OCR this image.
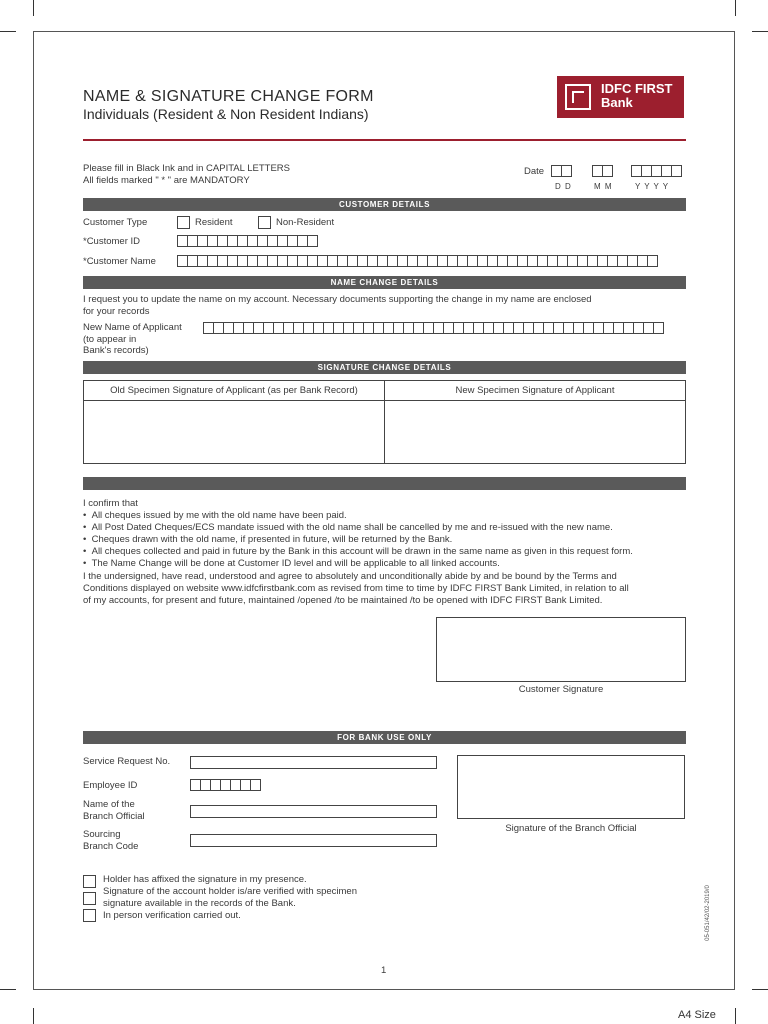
NAME & SIGNATURE CHANGE FORM
Individuals (Resident & Non Resident Indians)
IDFC FIRST
Bank
Please fill in Black Ink and in CAPITAL LETTERS
All fields marked " * " are MANDATORY
Date
D D	M M	Y Y Y Y
CUSTOMER DETAILS
Customer Type	Resident	Non-Resident
*Customer ID
*Customer Name
NAME CHANGE DETAILS
I request you to update the name on my account. Necessary documents supporting the change in my name are enclosed
for your records
New Name of Applicant
(to appear in
Bank's records)
SIGNATURE CHANGE DETAILS
Old Specimen Signature of Applicant (as per Bank Record)	New Specimen Signature of Applicant
I confirm that
•  All cheques issued by me with the old name have been paid.
•  All Post Dated Cheques/ECS mandate issued with the old name shall be cancelled by me and re-issued with the new name.
•  Cheques drawn with the old name, if presented in future, will be returned by the Bank.
•  All cheques collected and paid in future by the Bank in this account will be drawn in the same name as given in this request form.
•  The Name Change will be done at Customer ID level and will be applicable to all linked accounts.
I the undersigned, have read, understood and agree to absolutely and unconditionally abide by and be bound by the Terms and
Conditions displayed on website www.idfcfirstbank.com as revised from time to time by IDFC FIRST Bank Limited, in relation to all
of my accounts, for present and future, maintained /opened /to be maintained /to be opened with IDFC FIRST Bank Limited.
Customer Signature
FOR BANK USE ONLY
Service Request No.
Employee ID
Name of the
Branch Official
Sourcing
Branch Code
Signature of the Branch Official
Holder has affixed the signature in my presence.
Signature of the account holder is/are verified with specimen
signature available in the records of the Bank.
In person verification carried out.
1
05-051/42/02-2019/0
A4 Size
